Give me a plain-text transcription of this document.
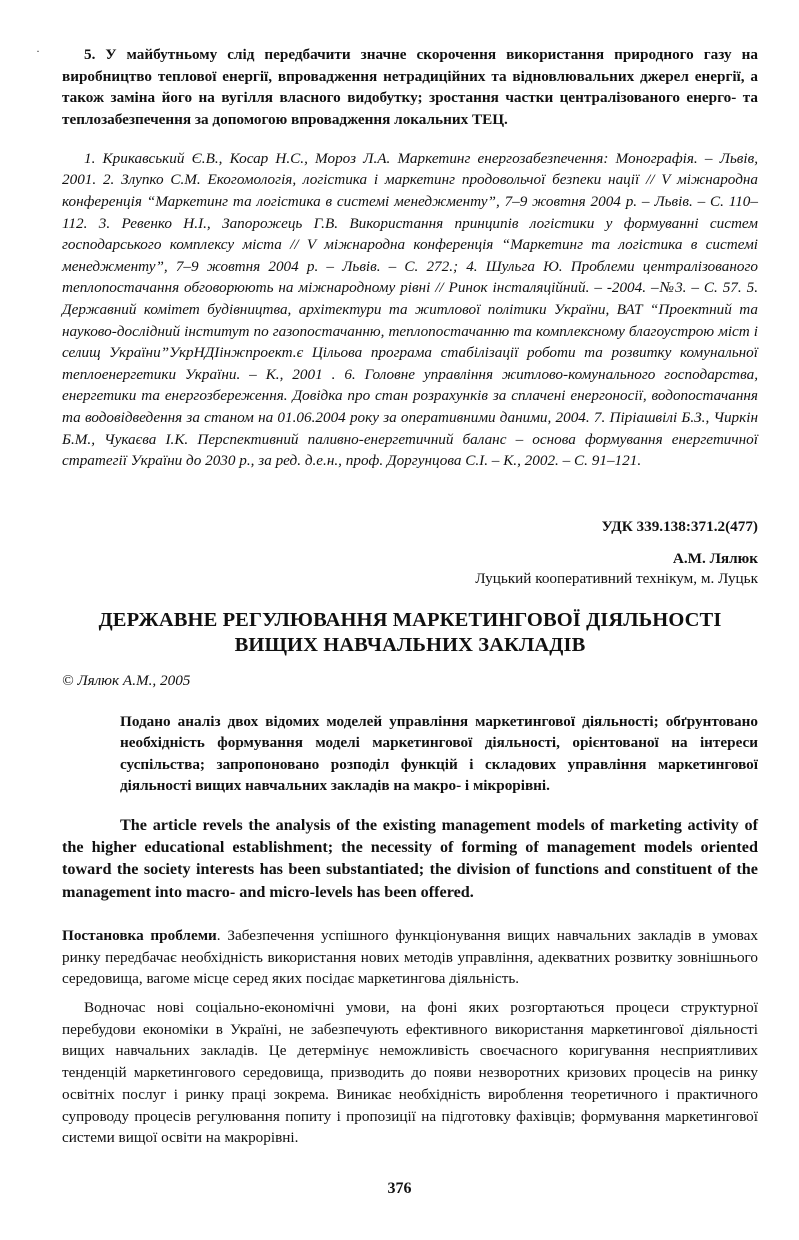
·	5. У майбутньому слід передбачити значне скорочення використання природного газу на виробництво теплової енергії, впровадження нетрадиційних та відновлювальних джерел енергії, а також заміна його на вугілля власного видобутку; зростання частки централізованого енерго- та теплозабезпечення за допомогою впровадження локальних ТЕЦ.

1. Крикавський Є.В., Косар Н.С., Мороз Л.А. Маркетинг енергозабезпечення: Монографія. – Львів, 2001. 2. Злупко С.М. Екогомологія, логістика і маркетинг продовольчої безпеки нації // V міжнародна конференція “Маркетинг та логістика в системі менеджменту”, 7–9 жовтня 2004 р. – Львів. – С. 110–112. 3. Ревенко Н.І., Запорожець Г.В. Використання принципів логістики у формуванні систем господарського комплексу міста // V міжнародна конференція “Маркетинг та логістика в системі менеджменту”, 7–9 жовтня 2004 р. – Львів. – С. 272.; 4. Шульга Ю. Проблеми централізованого теплопостачання обговорюють на міжнародному рівні // Ринок інсталяційний. – -2004. –№3. – С. 57. 5. Державний комітет будівництва, архітектури та житлової політики України, ВАТ “Проектний та науково-дослідний інститут по газопостачанню, теплопостачанню та комплексному благоустрою міст і селищ України”УкрНДІінжпроект.є Цільова програма стабілізації роботи та розвитку комунальної теплоенергетики України. – К., 2001 . 6. Головне управління житлово-комунального господарства, енергетики та енергозбереження. Довідка про стан розрахунків за сплачені енергоносії, водопостачання та водовідведення за станом на 01.06.2004 року за оперативними даними, 2004. 7. Піріашвілі Б.З., Чиркін Б.М., Чукаєва І.К. Перспективний паливно-енергетичний баланс – основа формування енергетичної стратегії України до 2030 р., за ред. д.е.н., проф. Доргунцова С.І. – К., 2002. – С. 91–121.

УДК 339.138:371.2(477)
А.М. Лялюк
Луцький кооперативний технікум, м. Луцьк
ДЕРЖАВНЕ РЕГУЛЮВАННЯ МАРКЕТИНГОВОЇ ДІЯЛЬНОСТІ
ВИЩИХ НАВЧАЛЬНИХ ЗАКЛАДІВ
© Лялюк А.М., 2005

Подано аналіз двох відомих моделей управління маркетингової діяльності; обґрунтовано необхідність формування моделі маркетингової діяльності, орієнтованої на інтереси суспільства; запропоновано розподіл функцій і складових управління маркетингової діяльності вищих навчальних закладів на макро- і мікрорівні.

The article revels the analysis of the existing management models of marketing activity of the higher educational establishment; the necessity of forming of management models oriented toward the society interests has been substantiated; the division of functions and constituent of the management into macro- and micro-levels has been offered.

Постановка проблеми. Забезпечення успішного функціонування вищих навчальних закладів в умовах ринку передбачає необхідність використання нових методів управління, адекватних розвитку зовнішнього середовища, вагоме місце серед яких посідає маркетингова діяльність.

Водночас нові соціально-економічні умови, на фоні яких розгортаються процеси структурної перебудови економіки в Україні, не забезпечують ефективного використання маркетингової діяльності вищих навчальних закладів. Це детермінує неможливість своєчасного коригування несприятливих тенденцій маркетингового середовища, призводить до появи незворотних кризових процесів на ринку освітніх послуг і ринку праці зокрема. Виникає необхідність вироблення теоретичного і практичного супроводу процесів регулювання попиту і пропозиції на підготовку фахівців; формування маркетингової системи вищої освіти на макрорівні.

376
